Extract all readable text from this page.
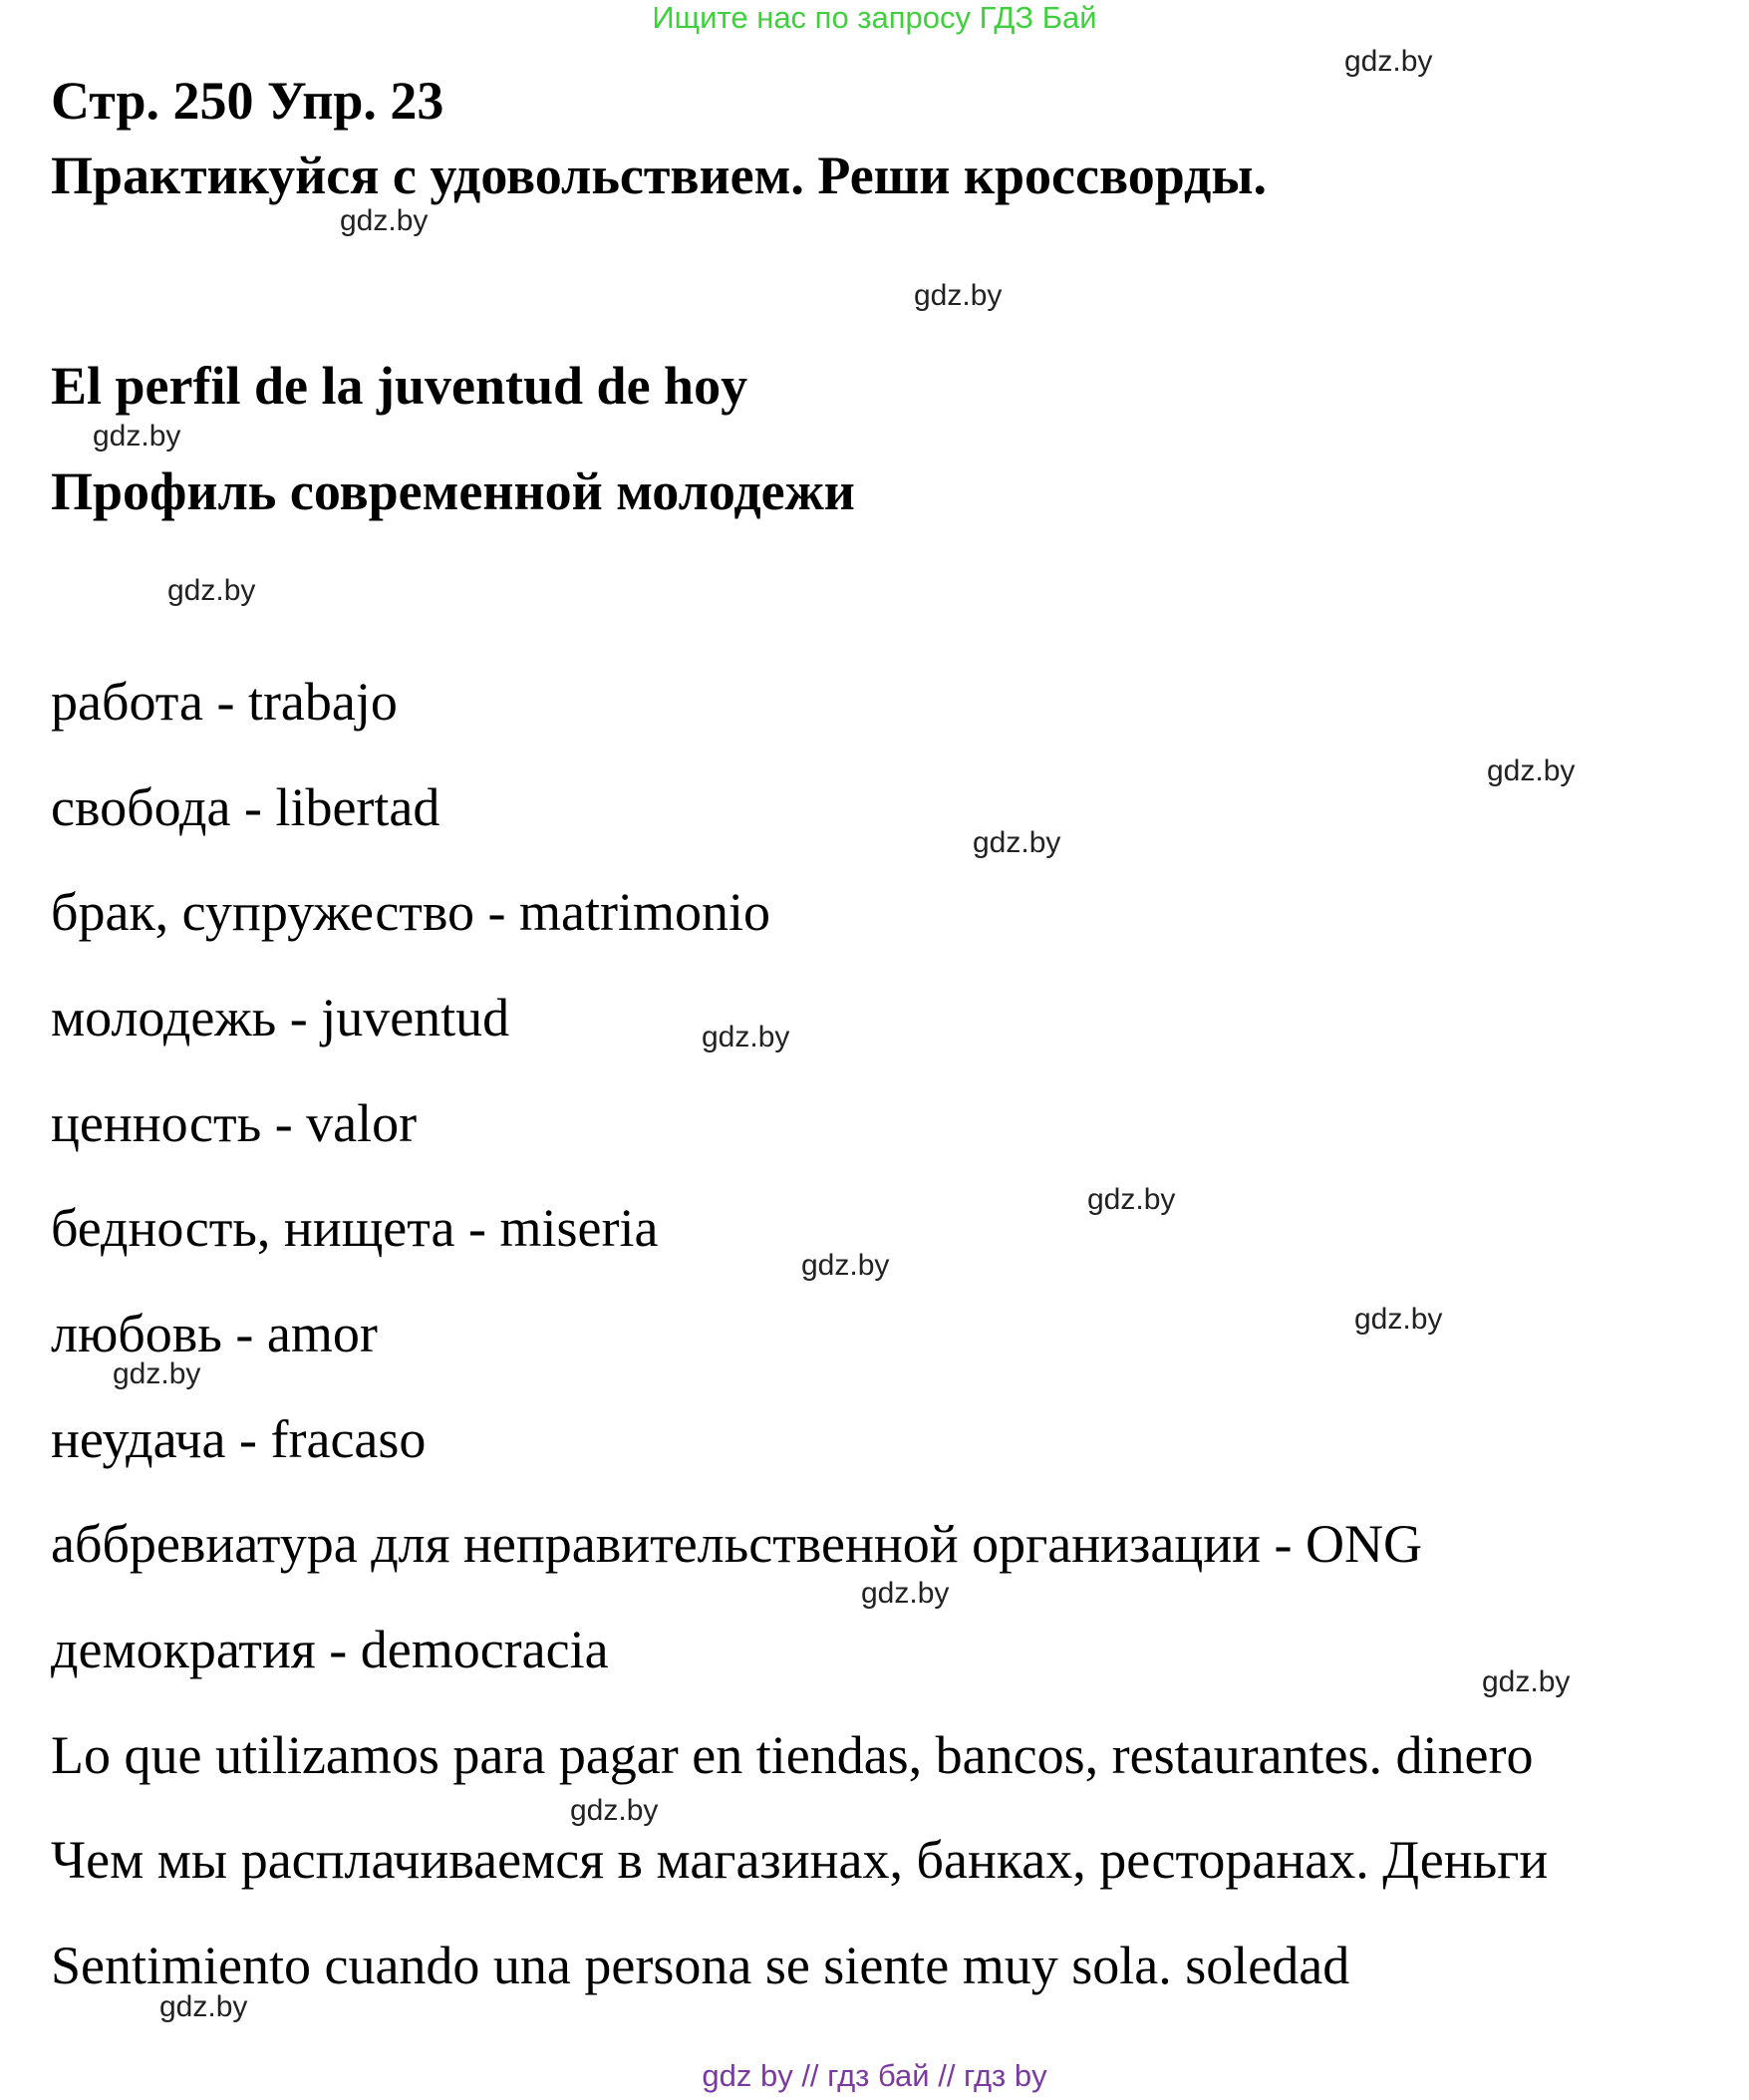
Ищите нас по запросу ГДЗ Бай
Стр. 250 Упр. 23
Практикуйся с удовольствием. Реши кроссворды.
El perfil de la juventud de hoy
Профиль современной молодежи
работа - trabajo
свобода - libertad
брак, супружество - matrimonio
молодежь - juventud
ценность - valor
бедность, нищета - miseria
любовь - amor
неудача - fracaso
аббревиатура для неправительственной организации - ONG
демократия - democracia
Lo que utilizamos para pagar en tiendas, bancos, restaurantes. dinero
Чем мы расплачиваемся в магазинах, банках, ресторанах. Деньги
Sentimiento cuando una persona se siente muy sola. soledad
gdz.by
gdz.by
gdz.by
gdz.by
gdz.by
gdz.by
gdz.by
gdz.by
gdz.by
gdz.by
gdz.by
gdz.by
gdz.by
gdz.by
gdz.by
gdz.by
gdz by // гдз бай // гдз by
